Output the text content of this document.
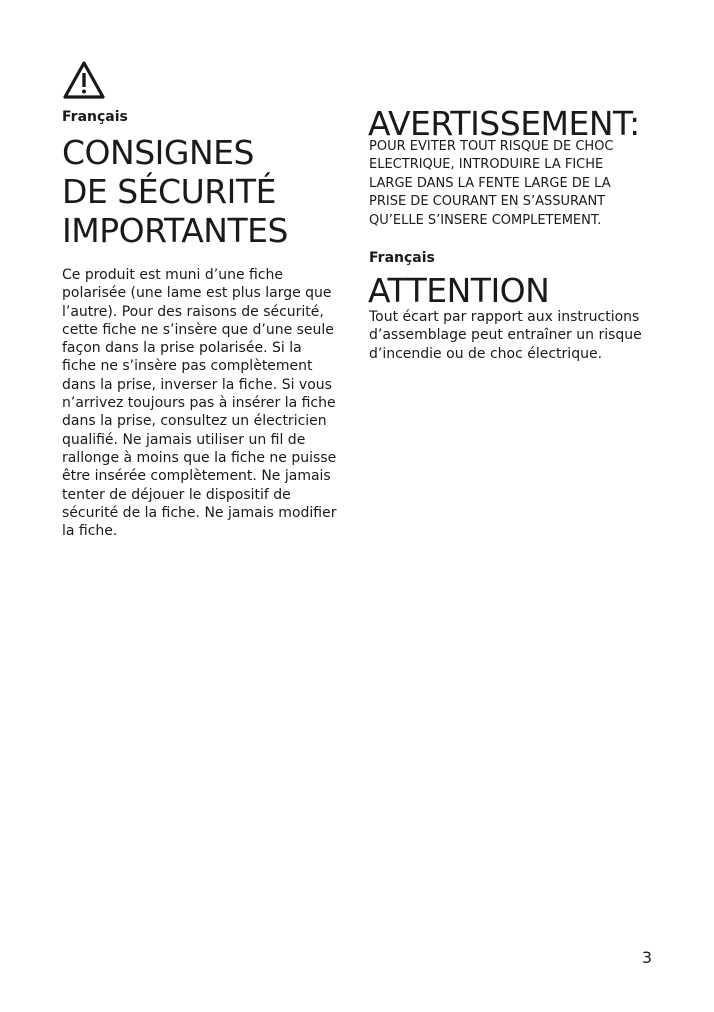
Français
CONSIGNES
DE SÉCURITÉ
IMPORTANTES
Ce produit est muni d’une fiche
polarisée (une lame est plus large que
l’autre). Pour des raisons de sécurité,
cette fiche ne s’insère que d’une seule
façon dans la prise polarisée. Si la
fiche ne s’insère pas complètement
dans la prise, inverser la fiche. Si vous
n’arrivez toujours pas à insérer la fiche
dans la prise, consultez un électricien
qualifié. Ne jamais utiliser un fil de
rallonge à moins que la fiche ne puisse
être insérée complètement. Ne jamais
tenter de déjouer le dispositif de
sécurité de la fiche. Ne jamais modifier
la fiche.
AVERTISSEMENT:
POUR EVITER TOUT RISQUE DE CHOC
ELECTRIQUE, INTRODUIRE LA FICHE
LARGE DANS LA FENTE LARGE DE LA
PRISE DE COURANT EN S’ASSURANT
QU’ELLE S’INSERE COMPLETEMENT.
Français
ATTENTION
Tout écart par rapport aux instructions
d’assemblage peut entraîner un risque
d’incendie ou de choc électrique.
3
